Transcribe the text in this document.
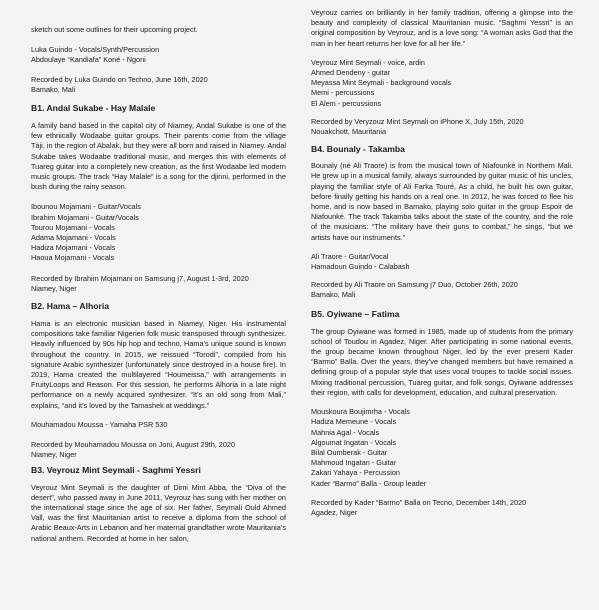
sketch out some outlines for their upcoming project.

Luka Guindo - Vocals/Synth/Percussion
Abdoulaye “Kandiafa” Koné - Ngoni
Recorded by Luka Guindo on Techno, June 16th, 2020
Bamako, Mali
B1. Andal Sukabe - Hay Malale

A family band based in the capital city of Niamey, Andal Sukabe is one of the few ethnically Wodaabe guitar groups. Their parents come from the village Tàji, in the region of Abalak, but they were all born and raised in Niamey. Andal Sukabe takes Wodaabe traditional music, and merges this with elements of Tuareg guitar into a completely new creation, as the first Wodaabe led modern music groups. The track “Hay Malale” is a song for the djinni, performed in the bush during the rainy season.

Ibounou Mojamani - Guitar/Vocals
Ibrahim Mojamani - Guitar/Vocals
Tourou Mojamani - Vocals
Adama Mojamani - Vocals
Hadiza Mojamani - Vocals
Haoua Mojamani - Vocals
Recorded by Ibrahim Mojamani on Samsung j7, August 1-3rd, 2020
Niamey, Niger
B2. Hama – Alhoria

Hama is an electronic musician based in Niamey, Niger. His instrumental compositions take familiar Nigerien folk music transposed through synthesizer. Heavily influenced by 90s hip hop and techno, Hama’s unique sound is known throughout the country. In 2015, we reissued “Torodi”, compiled from his signature Arabic synthesizer (unfortunately since destroyed in a house fire). In 2019, Hama created the multilayered “Houmeissa,” with arrangements in FruityLoops and Reason. For this session, he performs Alhoria in a late night performance on a newly acquired synthesizer. “It’s an old song from Mali,” explains, “and it’s loved by the Tamashek at weddings.”

Mouhamadou Moussa - Yamaha PSR 530
Recorded by Mouhamadou Moussa on Joni, August 29th, 2020
Niamey, Niger
B3. Veyrouz Mint Seymali - Saghmi Yessri

Veyrouz Mint Seymali is the daughter of Dimi Mint Abba, the “Diva of the desert”, who passed away in June 2011, Veyrouz has sung with her mother on the international stage since the age of six. Her father, Seymali Ould Ahmed Vall, was the first Mauritanian artist to receive a diploma from the school of Arabic Beaux-Arts in Lebanon and her maternal grandfather wrote Mauritania’s national anthem. Recorded at home in her salon,

Veyrouz carries on brilliantly in her family tradition, offering a glimpse into the beauty and complexity of classical Mauritanian music. “Saghmi Yessri” is an original composition by Veyrouz, and is a love song: “A woman asks God that the man in her heart returns her love for all her life.”

Veyrouz Mint Seymali - voice, ardin
Ahmed Dendeny - guitar
Meyassa Mint Seymali - background vocals
Memi - percussions
El Alem - percussions
Recorded by Veryzouz Mint Seymali on iPhone X, July 15th, 2020
Nouakchott, Mauritania
B4. Bounaly - Takamba

Bounaly (né Ali Traore) is from the musical town of Niafounké in Northern Mali. He grew up in a musical family, always surrounded by guitar music of his uncles, playing the familiar style of Ali Farka Touré. As a child, he built his own guitar, before finally getting his hands on a real one. In 2012, he was forced to flee his home, and is now based in Bamako, playing solo guitar in the group Espoir de Niafounké. The track Takamba talks about the state of the country, and the role of the musicians: “The military have their guns to combat,” he sings, “but we artists have our instruments.”

Ali Traore - Guitar/Vocal
Hamadoun Guindo - Calabash
Recorded by Ali Traore on Samsung j7 Duo, October 26th, 2020
Bamako, Mali
B5. Oyiwane – Fatima

The group Oyiwane was formed in 1985, made up of students from the primary school of Toudou in Agadez, Niger. After participating in some national events, the group became known throughout Niger, led by the ever present Kader “Barmo” Balla. Over the years, they’ve changed members but have remained a defining group of a popular style that uses vocal troupes to tackle social issues. Mixing traditional percussion, Tuareg guitar, and folk songs, Oyiwane addresses their region, with calls for development, education, and cultural preservation.

Mouskoura Boujimrha - Vocals
Hadiza Memeune - Vocals
Mahnia Agal - Vocals
Algoumat Ingatan - Vocals
Bilal Oumberak - Guitar
Mahmoud Ingatan - Guitar
Zakari Yahaya - Percussion
Kader “Barmo” Balla - Group leader
Recorded by Kader “Barmo” Balla on Tecno, December 14th, 2020
Agadez, Niger
